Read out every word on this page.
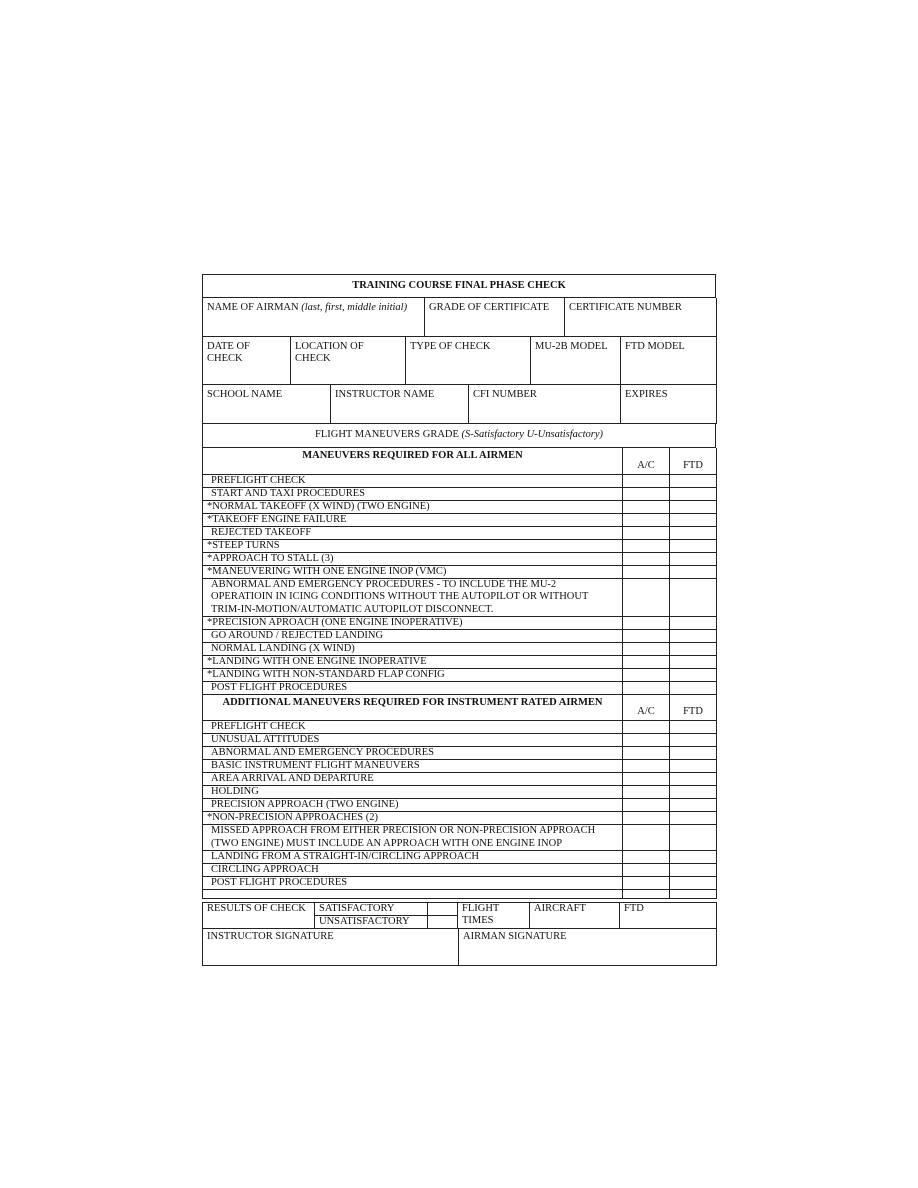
TRAINING COURSE FINAL PHASE CHECK
NAME OF AIRMAN (last, first, middle initial)	GRADE OF CERTIFICATE	CERTIFICATE NUMBER
DATE OF CHECK	LOCATION OF CHECK	TYPE OF CHECK	MU-2B MODEL	FTD MODEL
SCHOOL NAME	INSTRUCTOR NAME	CFI NUMBER	EXPIRES
FLIGHT MANEUVERS GRADE (S-Satisfactory U-Unsatisfactory)
MANEUVERS REQUIRED FOR ALL AIRMEN	A/C	FTD
PREFLIGHT CHECK		
START AND TAXI PROCEDURES		
*NORMAL TAKEOFF (X WIND) (TWO ENGINE)		
*TAKEOFF ENGINE FAILURE		
REJECTED TAKEOFF		
*STEEP TURNS		
*APPROACH TO STALL (3)		
*MANEUVERING WITH ONE ENGINE INOP (VMC)		
ABNORMAL AND EMERGENCY PROCEDURES - TO INCLUDE THE MU-2 OPERATIOIN IN ICING CONDITIONS WITHOUT THE AUTOPILOT OR WITHOUT TRIM-IN-MOTION/AUTOMATIC AUTOPILOT DISCONNECT.		
*PRECISION APROACH (ONE ENGINE INOPERATIVE)		
GO AROUND / REJECTED LANDING		
NORMAL LANDING (X WIND)		
*LANDING WITH ONE ENGINE INOPERATIVE		
*LANDING WITH NON-STANDARD FLAP CONFIG		
POST FLIGHT PROCEDURES		
ADDITIONAL MANEUVERS REQUIRED FOR INSTRUMENT RATED AIRMEN	A/C	FTD
PREFLIGHT CHECK		
UNUSUAL ATTITUDES		
ABNORMAL AND EMERGENCY PROCEDURES		
BASIC INSTRUMENT FLIGHT MANEUVERS		
AREA ARRIVAL AND DEPARTURE		
HOLDING		
PRECISION APPROACH (TWO ENGINE)		
*NON-PRECISION APPROACHES (2)		
MISSED APPROACH FROM EITHER PRECISION OR NON-PRECISION APPROACH (TWO ENGINE) MUST INCLUDE AN APPROACH WITH ONE ENGINE INOP		
LANDING FROM A STRAIGHT-IN/CIRCLING APPROACH		
CIRCLING APPROACH		
POST FLIGHT PROCEDURES		

RESULTS OF CHECK	SATISFACTORY		FLIGHT TIMES	AIRCRAFT	FTD
	UNSATISFACTORY				
INSTRUCTOR SIGNATURE	AIRMAN SIGNATURE
